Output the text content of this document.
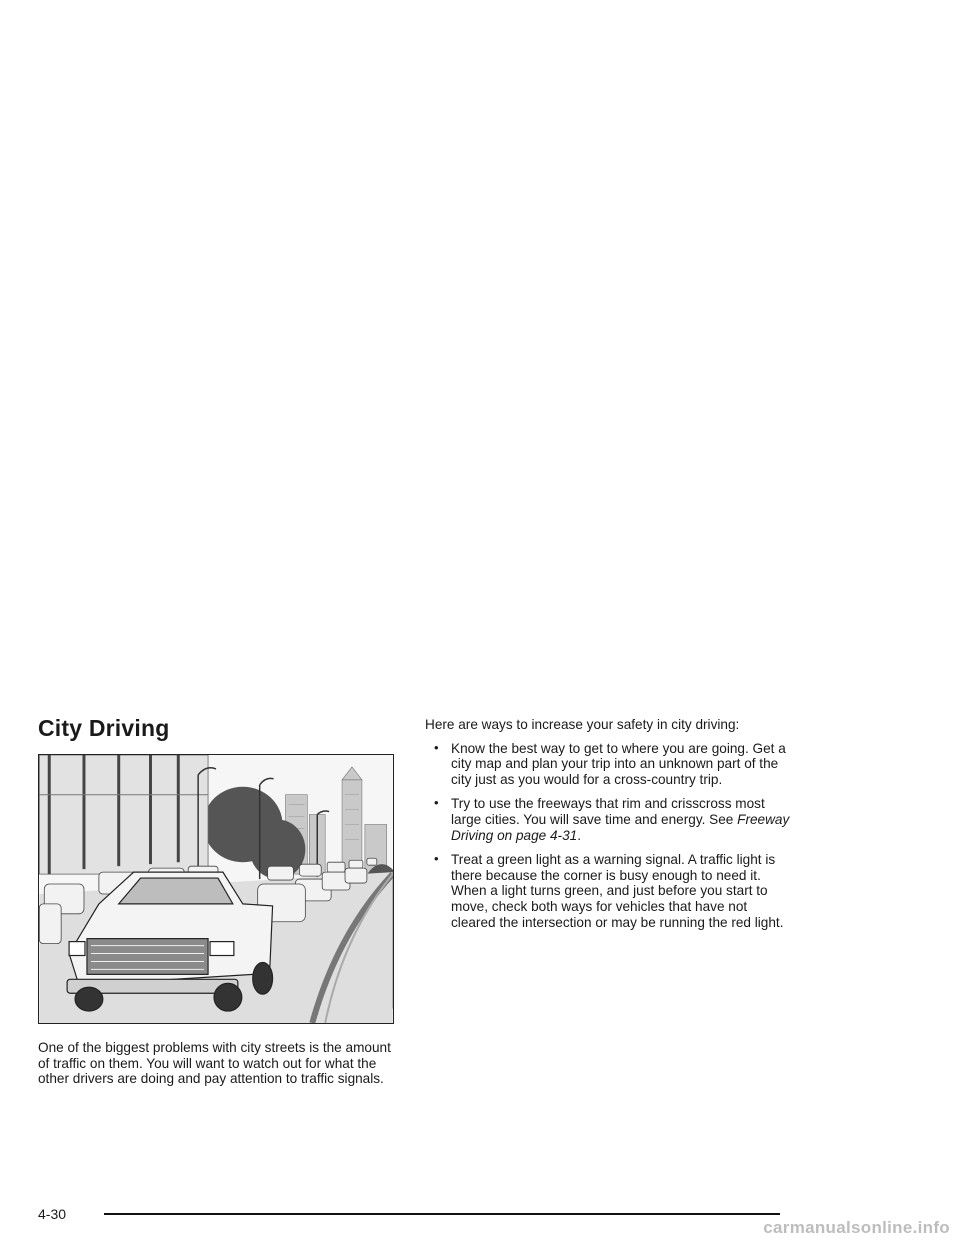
City Driving

One of the biggest problems with city streets is the amount of traffic on them. You will want to watch out for what the other drivers are doing and pay attention to traffic signals.

Here are ways to increase your safety in city driving:

• Know the best way to get to where you are going. Get a city map and plan your trip into an unknown part of the city just as you would for a cross-country trip.
• Try to use the freeways that rim and crisscross most large cities. You will save time and energy. See Freeway Driving on page 4-31.
• Treat a green light as a warning signal. A traffic light is there because the corner is busy enough to need it. When a light turns green, and just before you start to move, check both ways for vehicles that have not cleared the intersection or may be running the red light.

4-30

carmanualsonline.info
